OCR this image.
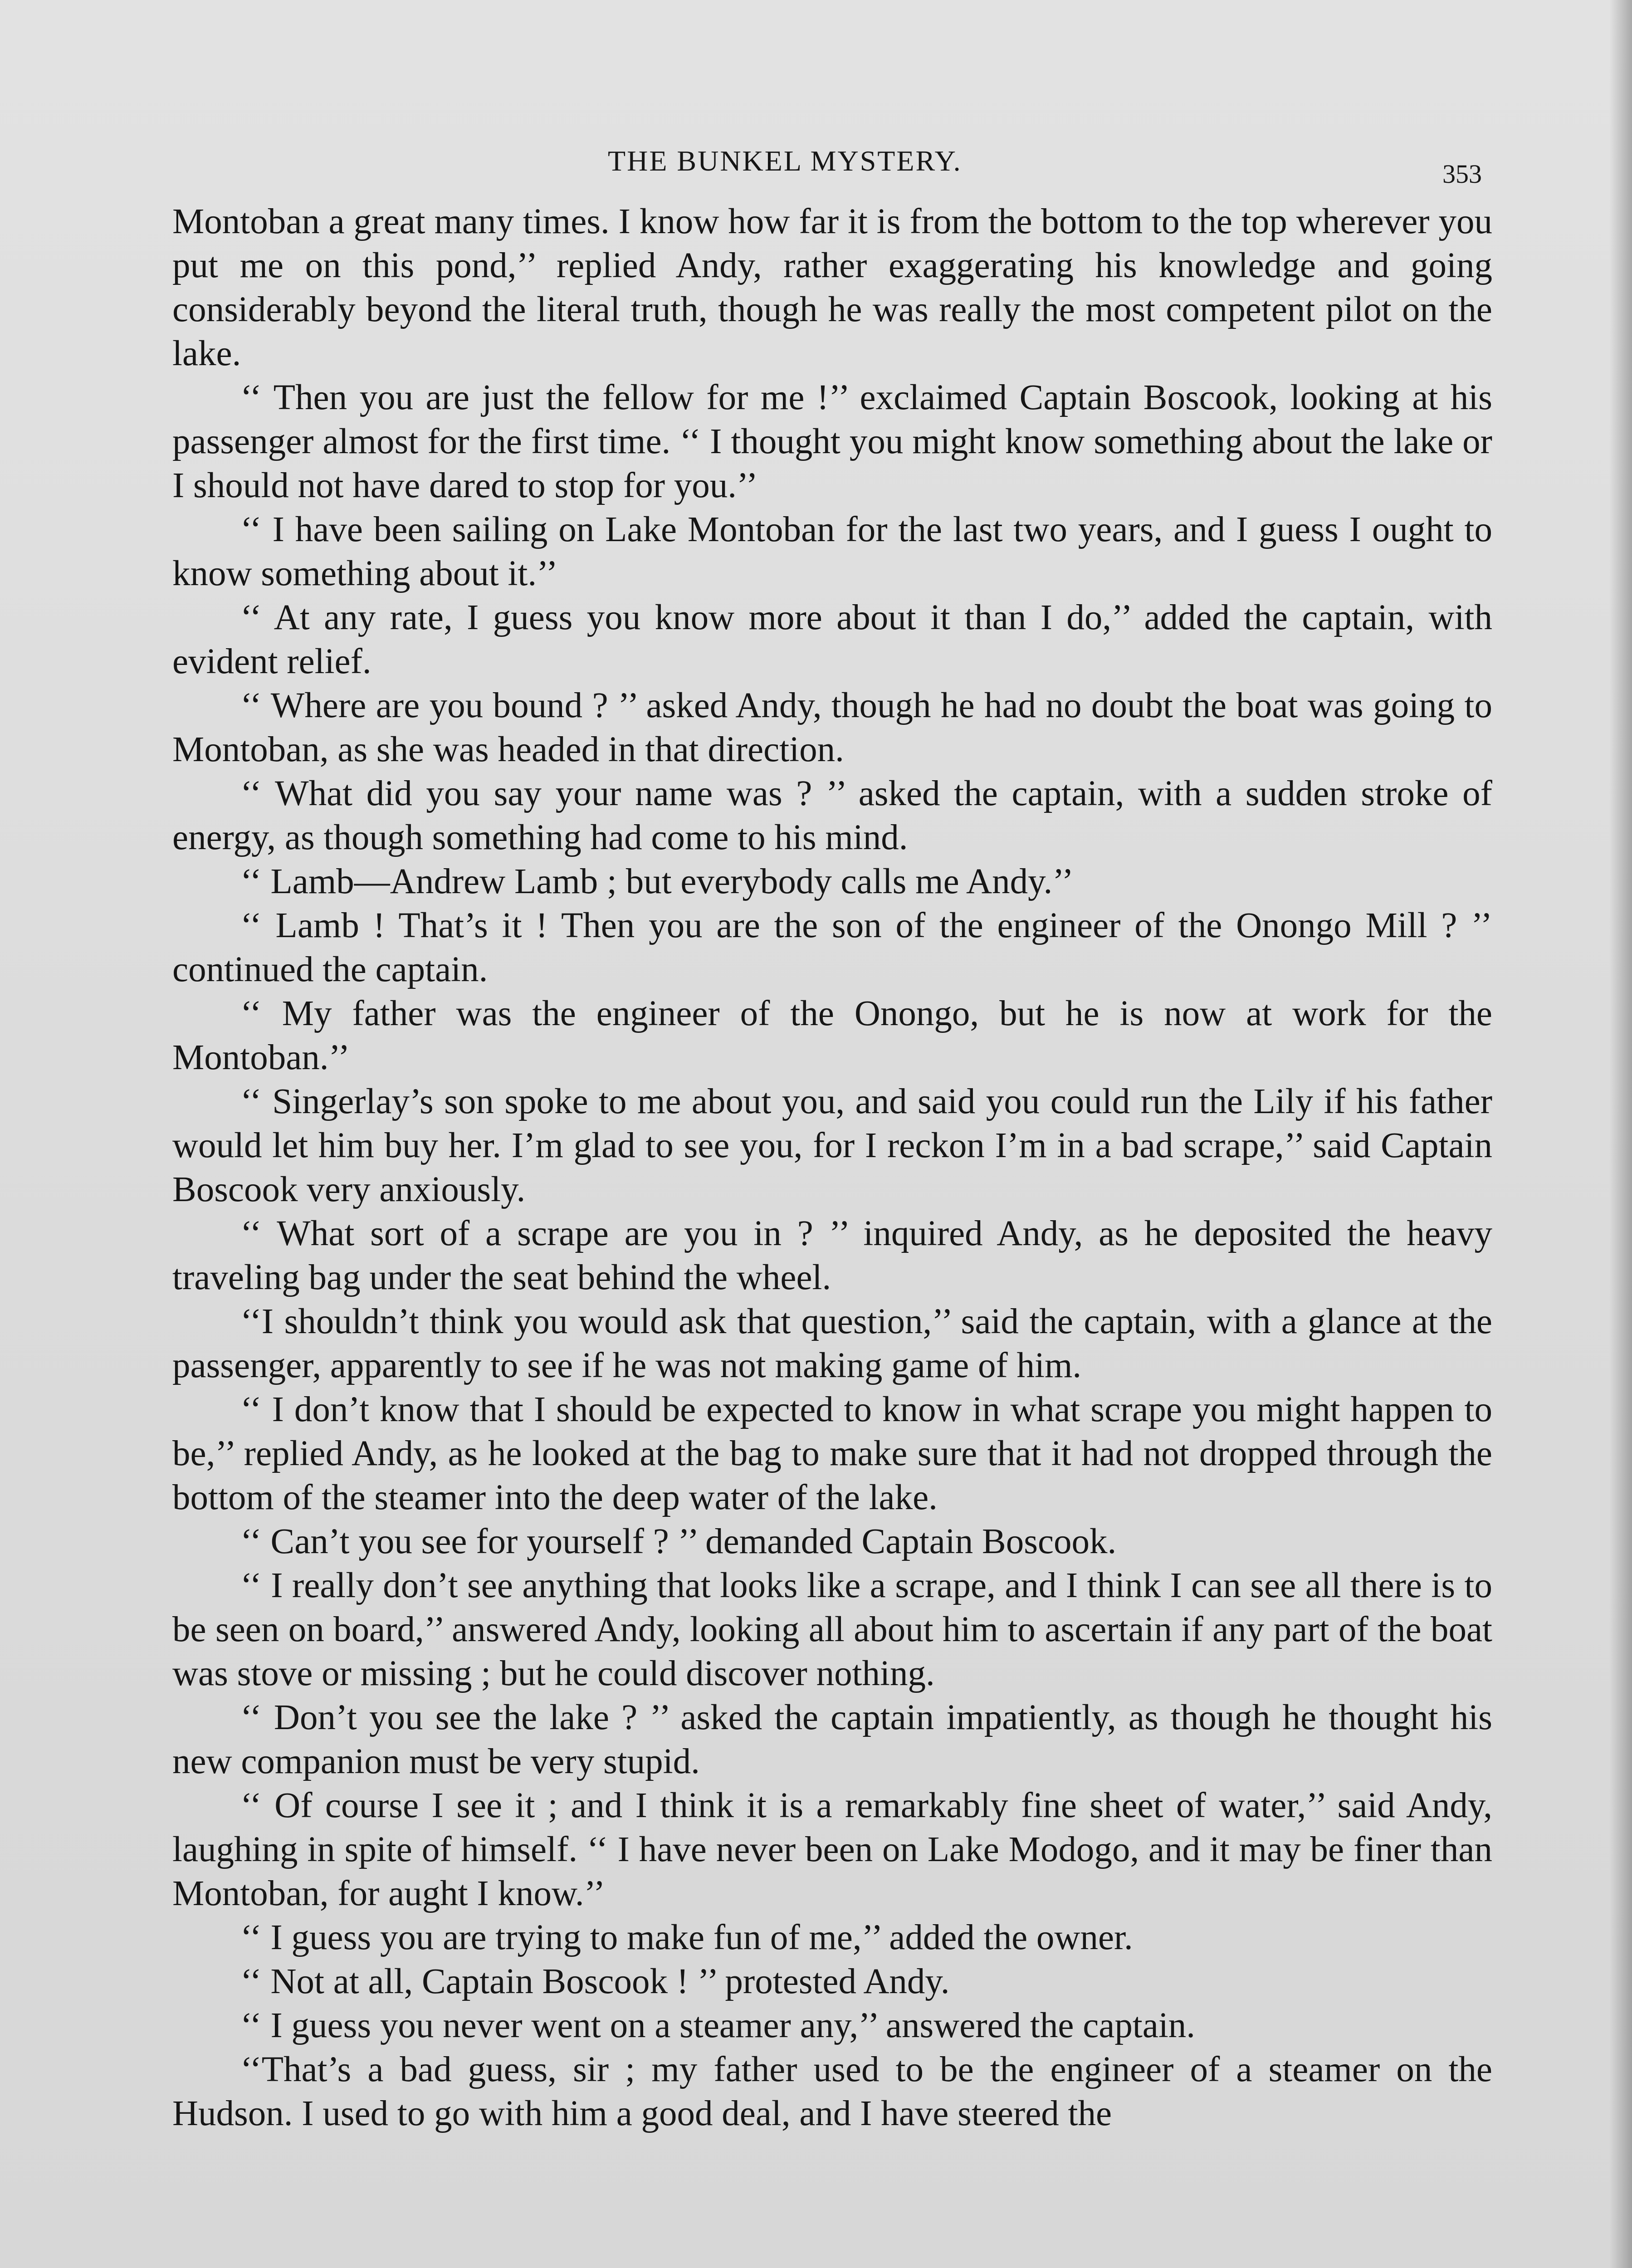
THE BUNKEL MYSTERY.	353

Montoban a great many times. I know how far it is from the bottom to the top wherever you put me on this pond,’’ replied Andy, rather exaggerating his knowledge and going considerably beyond the literal truth, though he was really the most competent pilot on the lake.

‘‘ Then you are just the fellow for me !’’ exclaimed Captain Boscook, looking at his passenger almost for the first time. ‘‘ I thought you might know something about the lake or I should not have dared to stop for you.’’

‘‘ I have been sailing on Lake Montoban for the last two years, and I guess I ought to know something about it.’’

‘‘ At any rate, I guess you know more about it than I do,’’ added the captain, with evident relief.

‘‘ Where are you bound ? ’’ asked Andy, though he had no doubt the boat was going to Montoban, as she was headed in that direction.

‘‘ What did you say your name was ? ’’ asked the captain, with a sudden stroke of energy, as though something had come to his mind.

‘‘ Lamb—Andrew Lamb ; but everybody calls me Andy.’’

‘‘ Lamb ! That’s it ! Then you are the son of the engineer of the Onongo Mill ? ’’ continued the captain.

‘‘ My father was the engineer of the Onongo, but he is now at work for the Montoban.’’

‘‘ Singerlay’s son spoke to me about you, and said you could run the Lily if his father would let him buy her. I’m glad to see you, for I reckon I’m in a bad scrape,’’ said Captain Boscook very anxiously.

‘‘ What sort of a scrape are you in ? ’’ inquired Andy, as he deposited the heavy traveling bag under the seat behind the wheel.

‘‘I shouldn’t think you would ask that question,’’ said the captain, with a glance at the passenger, apparently to see if he was not making game of him.

‘‘ I don’t know that I should be expected to know in what scrape you might happen to be,’’ replied Andy, as he looked at the bag to make sure that it had not dropped through the bottom of the steamer into the deep water of the lake.

‘‘ Can’t you see for yourself ? ’’ demanded Captain Boscook.

‘‘ I really don’t see anything that looks like a scrape, and I think I can see all there is to be seen on board,’’ answered Andy, looking all about him to ascertain if any part of the boat was stove or missing ; but he could discover nothing.

‘‘ Don’t you see the lake ? ’’ asked the captain impatiently, as though he thought his new companion must be very stupid.

‘‘ Of course I see it ; and I think it is a remarkably fine sheet of water,’’ said Andy, laughing in spite of himself. ‘‘ I have never been on Lake Modogo, and it may be finer than Montoban, for aught I know.’’

‘‘ I guess you are trying to make fun of me,’’ added the owner.

‘‘ Not at all, Captain Boscook ! ’’ protested Andy.

‘‘ I guess you never went on a steamer any,’’ answered the captain.

‘‘That’s a bad guess, sir ; my father used to be the engineer of a steamer on the Hudson. I used to go with him a good deal, and I have steered the
